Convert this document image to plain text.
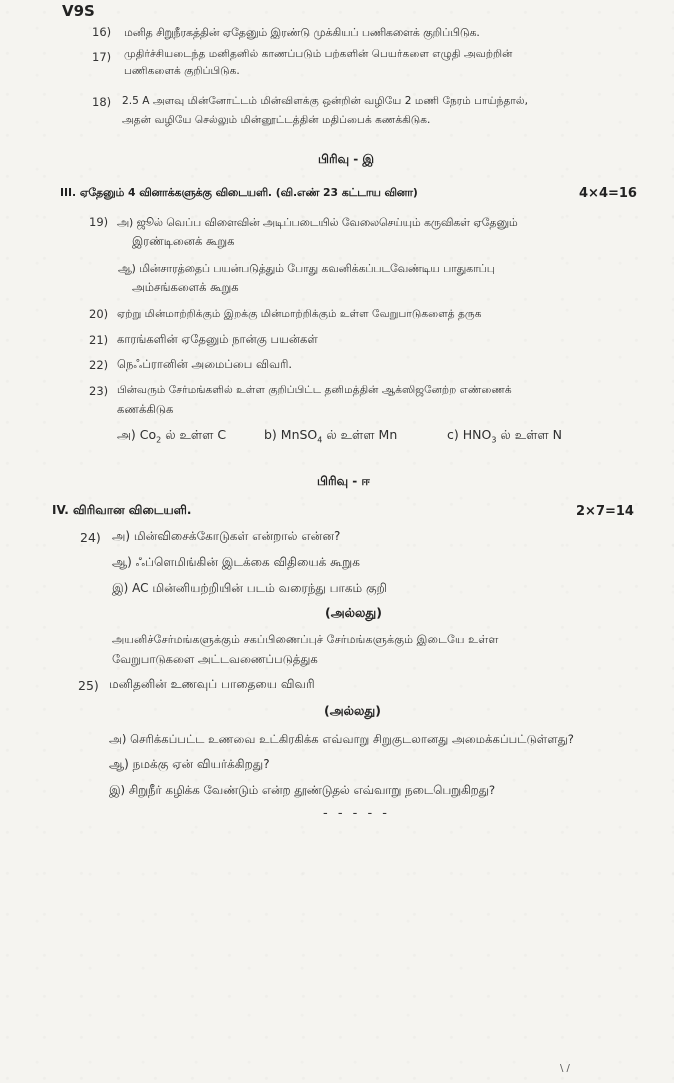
V9S
16) மனித சிறுநீரகத்தின் ஏதேனும் இரண்டு முக்கியப் பணிகளைக் குறிப்பிடுக.
17) முதிர்ச்சியடைந்த மனிதனில் காணப்படும் பற்களின் பெயர்களை எழுதி அவற்றின்
பணிகளைக் குறிப்பிடுக.
18) 2.5 A அளவு மின்னோட்டம் மின்விளக்கு ஒன்றின் வழியே 2 மணி நேரம் பாய்ந்தால்,
அதன் வழியே செல்லும் மின்னூட்டத்தின் மதிப்பைக் கணக்கிடுக.
பிரிவு - இ
III. ஏதேனும் 4 வினாக்களுக்கு விடையளி. (வி.எண் 23 கட்டாய வினா)	4×4=16
19) அ) ஜூல் வெப்ப விளைவின் அடிப்படையில் வேலைசெய்யும் கருவிகள் ஏதேனும்
இரண்டினைக் கூறுக
ஆ) மின்சாரத்தைப் பயன்படுத்தும் போது கவனிக்கப்படவேண்டிய பாதுகாப்பு
அம்சங்களைக் கூறுக
20) ஏற்று மின்மாற்றிக்கும் இறக்கு மின்மாற்றிக்கும் உள்ள வேறுபாடுகளைத் தருக
21) காரங்களின் ஏதேனும் நான்கு பயன்கள்
22) நெஃப்ரானின் அமைப்பை விவரி.
23) பின்வரும் சேர்மங்களில் உள்ள குறிப்பிட்ட தனிமத்தின் ஆக்ஸிஜனேற்ற எண்ணைக்
கணக்கிடுக
அ) $Co_2$ ல் உள்ள C	b) MnSO$_4$ ல் உள்ள Mn	c) $HNO_3$ ல் உள்ள N
பிரிவு - ஈ
IV. விரிவான விடையளி.	2×7=14
24) அ) மின்விசைக்கோடுகள் என்றால் என்ன?
ஆ) ஃப்ளெமிங்கின் இடக்கை விதியைக் கூறுக
இ) AC மின்னியற்றியின் படம் வரைந்து பாகம் குறி
(அல்லது)
அயனிச்சேர்மங்களுக்கும் சகப்பிணைப்புச் சேர்மங்களுக்கும் இடையே உள்ள
வேறுபாடுகளை அட்டவணைப்படுத்துக
25) மனிதனின் உணவுப் பாதையை விவரி
(அல்லது)
அ) செரிக்கப்பட்ட உணவை உட்கிரகிக்க எவ்வாறு சிறுகுடலானது அமைக்கப்பட்டுள்ளது?
ஆ) நமக்கு ஏன் வியர்க்கிறது?
இ) சிறுநீர் கழிக்க வேண்டும் என்ற தூண்டுதல் எவ்வாறு நடைபெறுகிறது?
- - - - -
\ /
